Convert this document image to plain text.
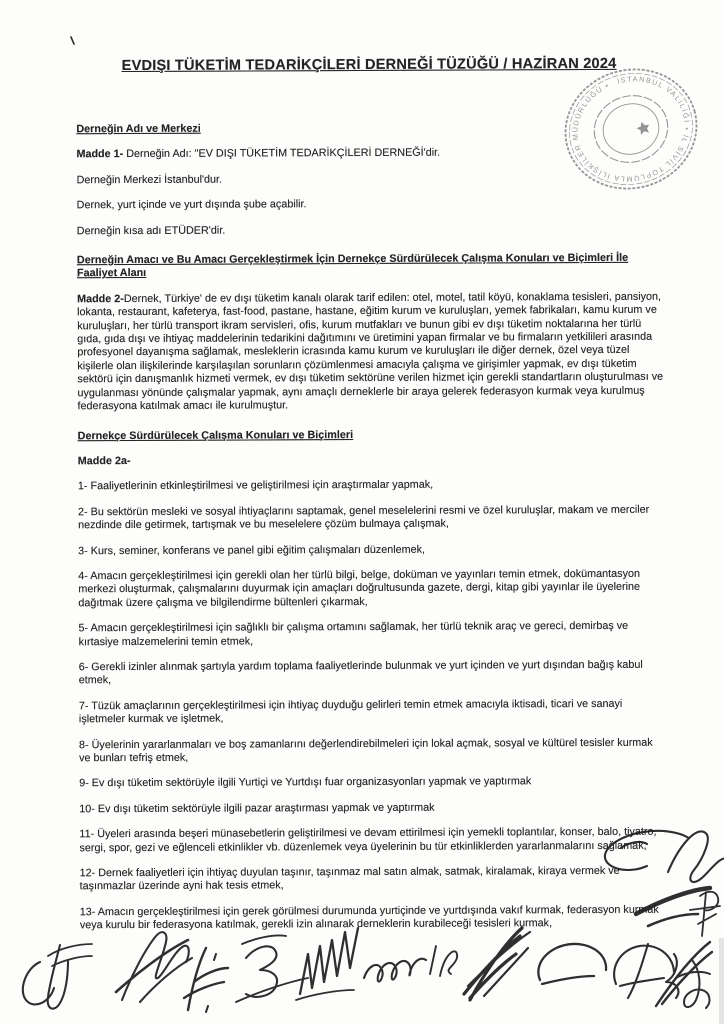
EVDIŞI TÜKETİM TEDARİKÇİLERİ DERNEĞİ TÜZÜĞÜ / HAZİRAN 2024
Derneğin Adı ve Merkezi

Madde 1- Derneğin Adı: "EV DIŞI TÜKETİM TEDARİKÇİLERİ DERNEĞİ'dir.

Derneğin Merkezi İstanbul'dur.

Dernek, yurt içinde ve yurt dışında şube açabilir.

Derneğin kısa adı ETÜDER'dir.

Derneğin Amacı ve Bu Amacı Gerçekleştirmek İçin Dernekçe Sürdürülecek Çalışma Konuları ve Biçimleri İle Faaliyet Alanı

Madde 2-Dernek, Türkiye' de ev dışı tüketim kanalı olarak tarif edilen: otel, motel, tatil köyü, konaklama tesisleri, pansiyon, lokanta, restaurant, kafeterya, fast-food, pastane, hastane, eğitim kurum ve kuruluşları, yemek fabrikaları, kamu kurum ve kuruluşları, her türlü transport ikram servisleri, ofis, kurum mutfakları ve bunun gibi ev dışı tüketim noktalarına her türlü gıda, gıda dışı ve ihtiyaç maddelerinin tedarikini dağıtımını ve üretimini yapan firmalar ve bu firmaların yetkilileri arasında profesyonel dayanışma sağlamak, mesleklerin icrasında kamu kurum ve kuruluşları ile diğer dernek, özel veya tüzel kişilerle olan ilişkilerinde karşılaşılan sorunların çözümlenmesi amacıyla çalışma ve girişimler yapmak, ev dışı tüketim sektörü için danışmanlık hizmeti vermek, ev dışı tüketim sektörüne verilen hizmet için gerekli standartların oluşturulması ve uygulanması yönünde çalışmalar yapmak, aynı amaçlı derneklerle bir araya gelerek federasyon kurmak veya kurulmuş federasyona katılmak amacı ile kurulmuştur.

Dernekçe Sürdürülecek Çalışma Konuları ve Biçimleri

Madde 2a-

1- Faaliyetlerinin etkinleştirilmesi ve geliştirilmesi için araştırmalar yapmak,

2- Bu sektörün mesleki ve sosyal ihtiyaçlarını saptamak, genel meselelerini resmi ve özel kuruluşlar, makam ve merciler nezdinde dile getirmek, tartışmak ve bu meselelere çözüm bulmaya çalışmak,

3- Kurs, seminer, konferans ve panel gibi eğitim çalışmaları düzenlemek,

4- Amacın gerçekleştirilmesi için gerekli olan her türlü bilgi, belge, doküman ve yayınları temin etmek, dokümantasyon merkezi oluşturmak, çalışmalarını duyurmak için amaçları doğrultusunda gazete, dergi, kitap gibi yayınlar ile üyelerine dağıtmak üzere çalışma ve bilgilendirme bültenleri çıkarmak,

5- Amacın gerçekleştirilmesi için sağlıklı bir çalışma ortamını sağlamak, her türlü teknik araç ve gereci, demirbaş ve kırtasiye malzemelerini temin etmek,

6- Gerekli izinler alınmak şartıyla yardım toplama faaliyetlerinde bulunmak ve yurt içinden ve yurt dışından bağış kabul etmek,

7- Tüzük amaçlarının gerçekleştirilmesi için ihtiyaç duyduğu gelirleri temin etmek amacıyla iktisadi, ticari ve sanayi işletmeler kurmak ve işletmek,

8- Üyelerinin yararlanmaları ve boş zamanlarını değerlendirebilmeleri için lokal açmak, sosyal ve kültürel tesisler kurmak ve bunları tefriş etmek,

9- Ev dışı tüketim sektörüyle ilgili Yurtiçi ve Yurtdışı fuar organizasyonları yapmak ve yaptırmak

10- Ev dışı tüketim sektörüyle ilgili pazar araştırması yapmak ve yaptırmak

11- Üyeleri arasında beşeri münasebetlerin geliştirilmesi ve devam ettirilmesi için yemekli toplantılar, konser, balo, tiyatro, sergi, spor, gezi ve eğlenceli etkinlikler vb. düzenlemek veya üyelerinin bu tür etkinliklerden yararlanmalarını sağlamak,

12- Dernek faaliyetleri için ihtiyaç duyulan taşınır, taşınmaz mal satın almak, satmak, kiralamak, kiraya vermek ve taşınmazlar üzerinde ayni hak tesis etmek,

13- Amacın gerçekleştirilmesi için gerek görülmesi durumunda yurtiçinde ve yurtdışında vakıf kurmak, federasyon kurmak veya kurulu bir federasyona katılmak, gerekli izin alınarak derneklerin kurabileceği tesisleri kurmak,

İSTANBUL VALİLİĞİ • İL SİVİL TOPLUMLA İLİŞKİLER MÜDÜRLÜĞÜ •
